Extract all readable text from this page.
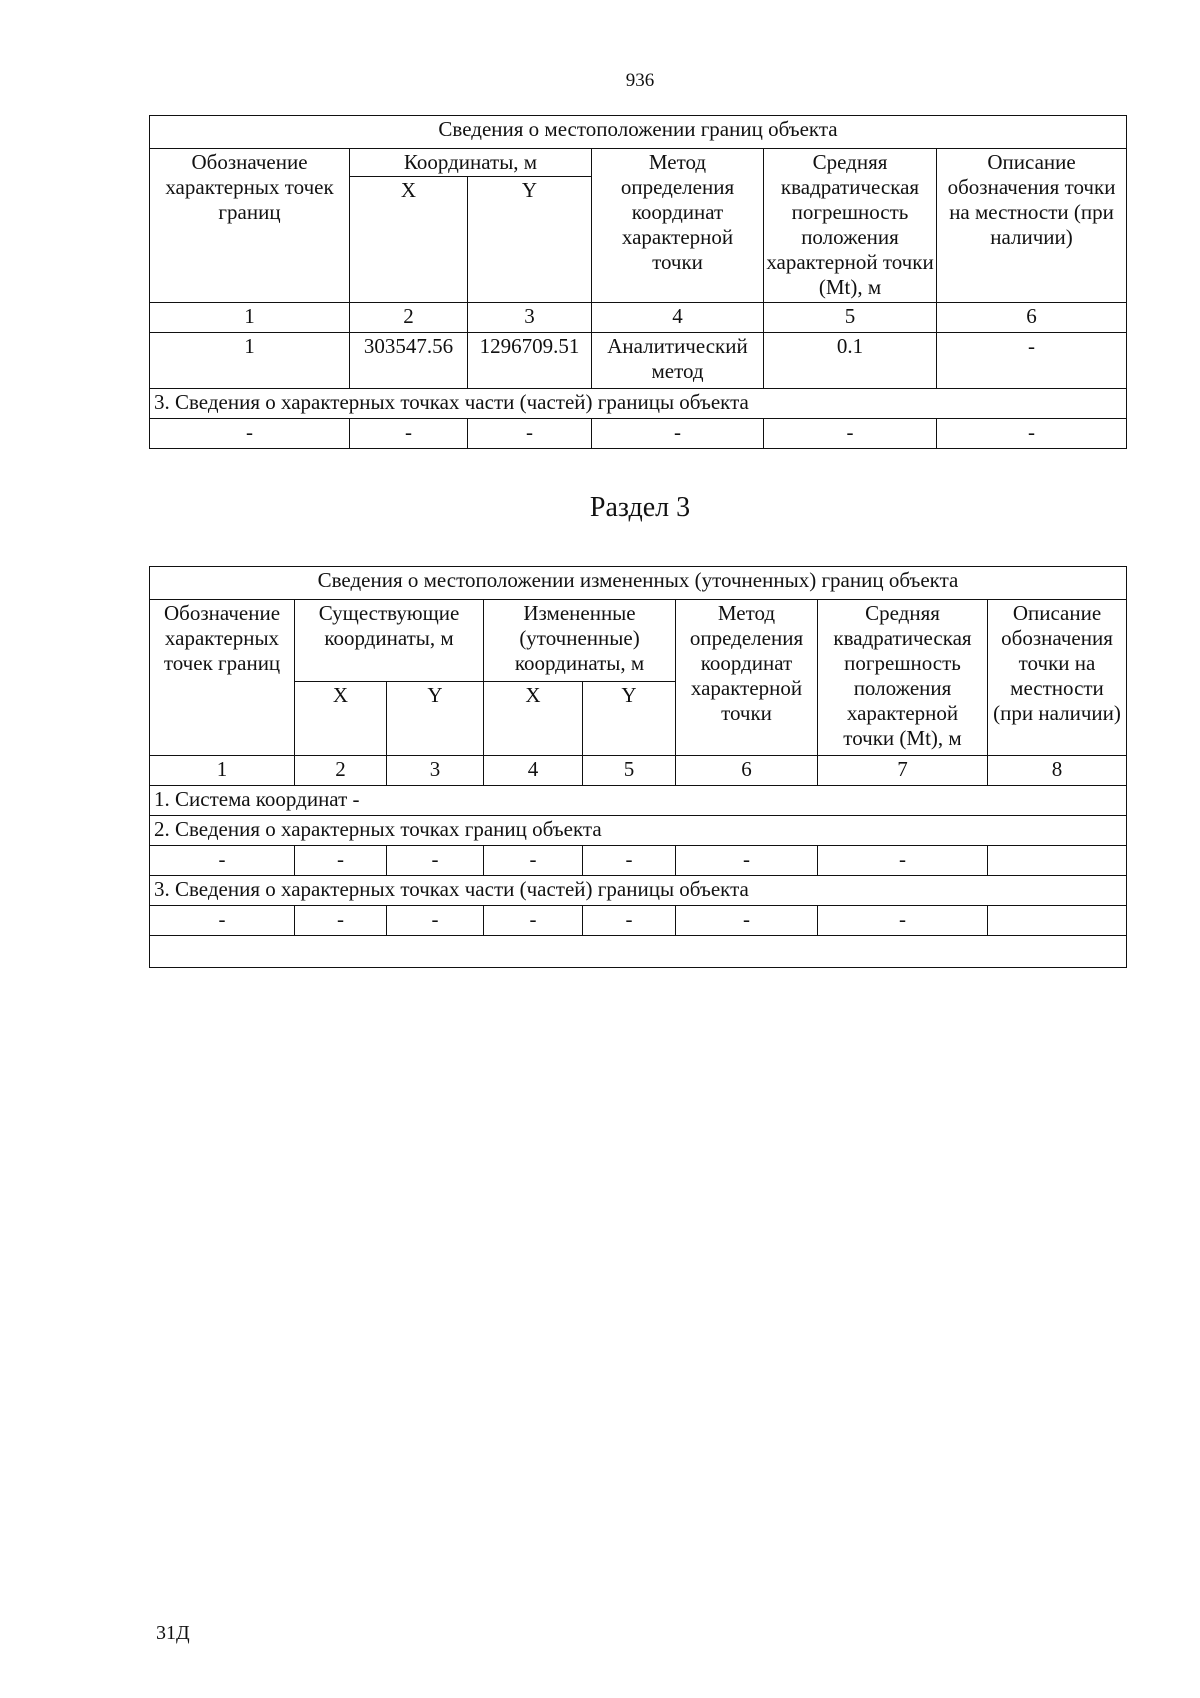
936
Сведения о местоположении границ объекта					
Обозначение характерных точек границ	Координаты, м		Метод определения координат характерной точки	Средняя квадратическая погрешность положения характерной точки (Mt), м	Описание обозначения точки на местности (при наличии)
	X	Y			
1	2	3	4	5	6
1	303547.56	1296709.51	Аналитический метод	0.1	-
3. Сведения о характерных точках части (частей) границы объекта					
-	-	-	-	-	-
Раздел 3
Сведения о местоположении измененных (уточненных) границ объекта							
Обозначение характерных точек границ	Существующие координаты, м		Измененные (уточненные) координаты, м		Метод определения координат характерной точки	Средняя квадратическая погрешность положения характерной точки (Mt), м	Описание обозначения точки на местности (при наличии)
	X	Y	X	Y			
1	2	3	4	5	6	7	8
1. Система координат -							
2. Сведения о характерных точках границ объекта							
-	-	-	-	-	-	-	
3. Сведения о характерных точках части (частей) границы объекта							
-	-	-	-	-	-	-	

31Д
